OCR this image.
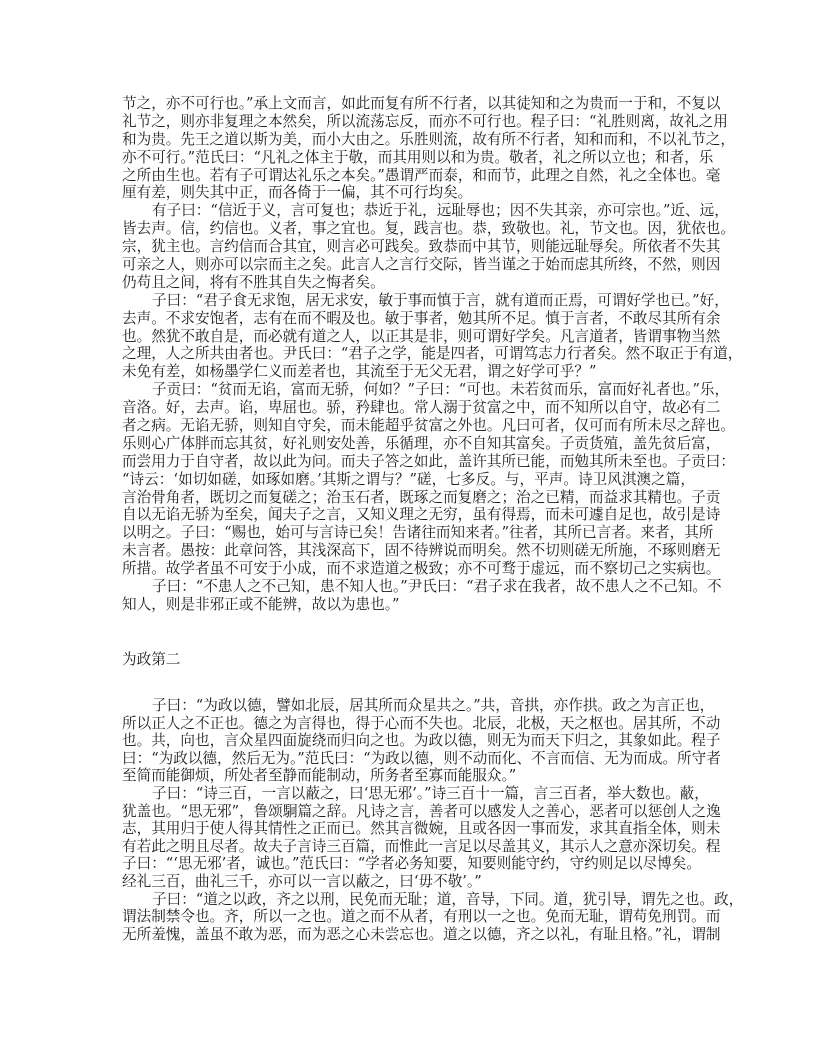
节之，亦不可行也。”承上文而言，如此而复有所不行者，以其徒知和之为贵而一于和，不复以
礼节之，则亦非复理之本然矣，所以流荡忘反，而亦不可行也。程子曰：“礼胜则离，故礼之用
和为贵。先王之道以斯为美，而小大由之。乐胜则流，故有所不行者，知和而和，不以礼节之，
亦不可行。”范氏曰：“凡礼之体主于敬，而其用则以和为贵。敬者，礼之所以立也；和者，乐
之所由生也。若有子可谓达礼乐之本矣。”愚谓严而泰，和而节，此理之自然，礼之全体也。毫
厘有差，则失其中正，而各倚于一偏，其不可行均矣。
有子曰：“信近于义，言可复也；恭近于礼，远耻辱也；因不失其亲，亦可宗也。”近、远，
皆去声。信，约信也。义者，事之宜也。复，践言也。恭，致敬也。礼，节文也。因，犹依也。
宗，犹主也。言约信而合其宜，则言必可践矣。致恭而中其节，则能远耻辱矣。所依者不失其
可亲之人，则亦可以宗而主之矣。此言人之言行交际，皆当谨之于始而虑其所终，不然，则因
仍苟且之间，将有不胜其自失之悔者矣。
子曰：“君子食无求饱，居无求安，敏于事而慎于言，就有道而正焉，可谓好学也已。”好，
去声。不求安饱者，志有在而不暇及也。敏于事者，勉其所不足。慎于言者，不敢尽其所有余
也。然犹不敢自是，而必就有道之人，以正其是非，则可谓好学矣。凡言道者，皆谓事物当然
之理，人之所共由者也。尹氏曰：“君子之学，能是四者，可谓笃志力行者矣。然不取正于有道，
未免有差，如杨墨学仁义而差者也，其流至于无父无君，谓之好学可乎？”
子贡曰：“贫而无谄，富而无骄，何如？”子曰：“可也。未若贫而乐，富而好礼者也。”乐，
音洛。好，去声。谄，卑屈也。骄，矜肆也。常人溺于贫富之中，而不知所以自守，故必有二
者之病。无谄无骄，则知自守矣，而未能超乎贫富之外也。凡曰可者，仅可而有所未尽之辞也。
乐则心广体胖而忘其贫，好礼则安处善，乐循理，亦不自知其富矣。子贡货殖，盖先贫后富，
而尝用力于自守者，故以此为问。而夫子答之如此，盖许其所已能，而勉其所未至也。子贡曰：
“诗云：‘如切如磋，如琢如磨。’其斯之谓与？”磋，七多反。与，平声。诗卫风淇澳之篇，
言治骨角者，既切之而复磋之；治玉石者，既琢之而复磨之；治之已精，而益求其精也。子贡
自以无谄无骄为至矣，闻夫子之言，又知义理之无穷，虽有得焉，而未可遽自足也，故引是诗
以明之。子曰：“赐也，始可与言诗已矣！告诸往而知来者。”往者，其所已言者。来者，其所
未言者。愚按：此章问答，其浅深高下，固不待辨说而明矣。然不切则磋无所施，不琢则磨无
所措。故学者虽不可安于小成，而不求造道之极致；亦不可骛于虚远，而不察切己之实病也。
子曰：“不患人之不己知，患不知人也。”尹氏曰：“君子求在我者，故不患人之不己知。不
知人，则是非邪正或不能辨，故以为患也。”
为政第二
子曰：“为政以德，譬如北辰，居其所而众星共之。”共，音拱，亦作拱。政之为言正也，
所以正人之不正也。德之为言得也，得于心而不失也。北辰，北极，天之枢也。居其所，不动
也。共，向也，言众星四面旋绕而归向之也。为政以德，则无为而天下归之，其象如此。程子
曰：“为政以德，然后无为。”范氏曰：“为政以德，则不动而化、不言而信、无为而成。所守者
至简而能御烦，所处者至静而能制动，所务者至寡而能服众。”
子曰：“诗三百，一言以蔽之，曰‘思无邪’。”诗三百十一篇，言三百者，举大数也。蔽，
犹盖也。“思无邪”，鲁颂駉篇之辞。凡诗之言，善者可以感发人之善心，恶者可以惩创人之逸
志，其用归于使人得其情性之正而已。然其言微婉，且或各因一事而发，求其直指全体，则未
有若此之明且尽者。故夫子言诗三百篇，而惟此一言足以尽盖其义，其示人之意亦深切矣。程
子曰：“‘思无邪’者，诚也。”范氏曰：“学者必务知要，知要则能守约，守约则足以尽博矣。
经礼三百，曲礼三千，亦可以一言以蔽之，曰‘毋不敬’。”
子曰：“道之以政，齐之以刑，民免而无耻；道，音导，下同。道，犹引导，谓先之也。政，
谓法制禁令也。齐，所以一之也。道之而不从者，有刑以一之也。免而无耻，谓苟免刑罚。而
无所羞愧，盖虽不敢为恶，而为恶之心未尝忘也。道之以德，齐之以礼，有耻且格。”礼，谓制
